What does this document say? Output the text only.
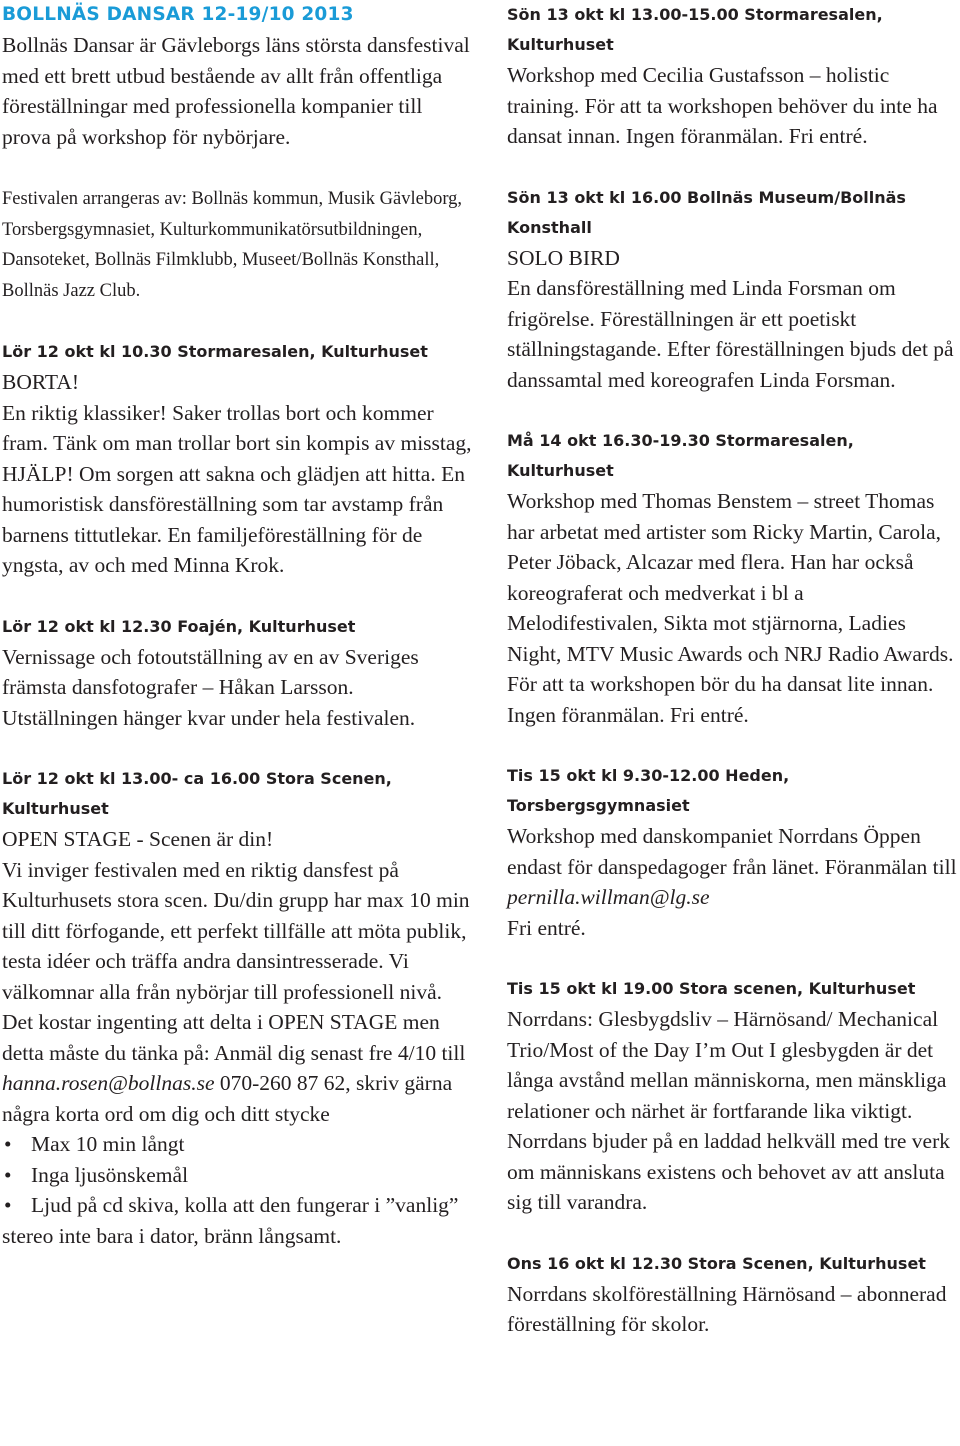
BOLLNÄS DANSAR 12-19/10 2013

Bollnäs Dansar är Gävleborgs läns största dansfestival med ett brett utbud bestående av allt från offentliga föreställningar med professionella kompanier till prova på workshop för nybörjare.

Festivalen arrangeras av: Bollnäs kommun, Musik Gävleborg, Torsbergsgymnasiet, Kulturkommunikatörsutbildningen, Dansoteket, Bollnäs Filmklubb, Museet/Bollnäs Konsthall, Bollnäs Jazz Club.

Lör 12 okt kl 10.30 Stormaresalen, Kulturhuset

BORTA!

En riktig klassiker! Saker trollas bort och kommer fram. Tänk om man trollar bort sin kompis av misstag, HJÄLP! Om sorgen att sakna och glädjen att hitta. En humoristisk dansföreställning som tar avstamp från barnens tittutlekar. En familjeföreställning för de yngsta, av och med Minna Krok.

Lör 12 okt kl 12.30 Foajén, Kulturhuset

Vernissage och fotoutställning av en av Sveriges främsta dansfotografer – Håkan Larsson. Utställningen hänger kvar under hela festivalen.

Lör 12 okt kl 13.00- ca 16.00 Stora Scenen, Kulturhuset

OPEN STAGE - Scenen är din!

Vi inviger festivalen med en riktig dansfest på Kulturhusets stora scen. Du/din grupp har max 10 min till ditt förfogande, ett perfekt tillfälle att möta publik, testa idéer och träffa andra dansintresserade. Vi välkomnar alla från nybörjar till professionell nivå. Det kostar ingenting att delta i OPEN STAGE men detta måste du tänka på: Anmäl dig senast fre 4/10 till hanna.rosen@bollnas.se 070-260 87 62, skriv gärna några korta ord om dig och ditt stycke

• Max 10 min långt
• Inga ljusönskemål
• Ljud på cd skiva, kolla att den fungerar i ”vanlig” stereo inte bara i dator, bränn långsamt.

Sön 13 okt kl 13.00-15.00 Stormaresalen, Kulturhuset

Workshop med Cecilia Gustafsson – holistic training. För att ta workshopen behöver du inte ha dansat innan. Ingen föranmälan. Fri entré.

Sön 13 okt kl 16.00 Bollnäs Museum/Bollnäs Konsthall

SOLO BIRD

En dansföreställning med Linda Forsman om frigörelse. Föreställningen är ett poetiskt ställningstagande. Efter föreställningen bjuds det på danssamtal med koreografen Linda Forsman.

Må 14 okt 16.30-19.30 Stormaresalen, Kulturhuset

Workshop med Thomas Benstem – street Thomas har arbetat med artister som Ricky Martin, Carola, Peter Jöback, Alcazar med flera. Han har också koreograferat och medverkat i bl a Melodifestivalen, Sikta mot stjärnorna, Ladies Night, MTV Music Awards och NRJ Radio Awards. För att ta workshopen bör du ha dansat lite innan. Ingen föranmälan. Fri entré.

Tis 15 okt kl 9.30-12.00 Heden, Torsbergsgymnasiet

Workshop med danskompaniet Norrdans Öppen endast för danspedagoger från länet. Föranmälan till pernilla.willman@lg.se
Fri entré.

Tis 15 okt kl 19.00 Stora scenen, Kulturhuset

Norrdans: Glesbygdsliv – Härnösand/ Mechanical Trio/Most of the Day I’m Out I glesbygden är det långa avstånd mellan människorna, men mänskliga relationer och närhet är fortfarande lika viktigt. Norrdans bjuder på en laddad helkväll med tre verk om människans existens och behovet av att ansluta sig till varandra.

Ons 16 okt kl 12.30 Stora Scenen, Kulturhuset

Norrdans skolföreställning Härnösand – abonnerad föreställning för skolor.
